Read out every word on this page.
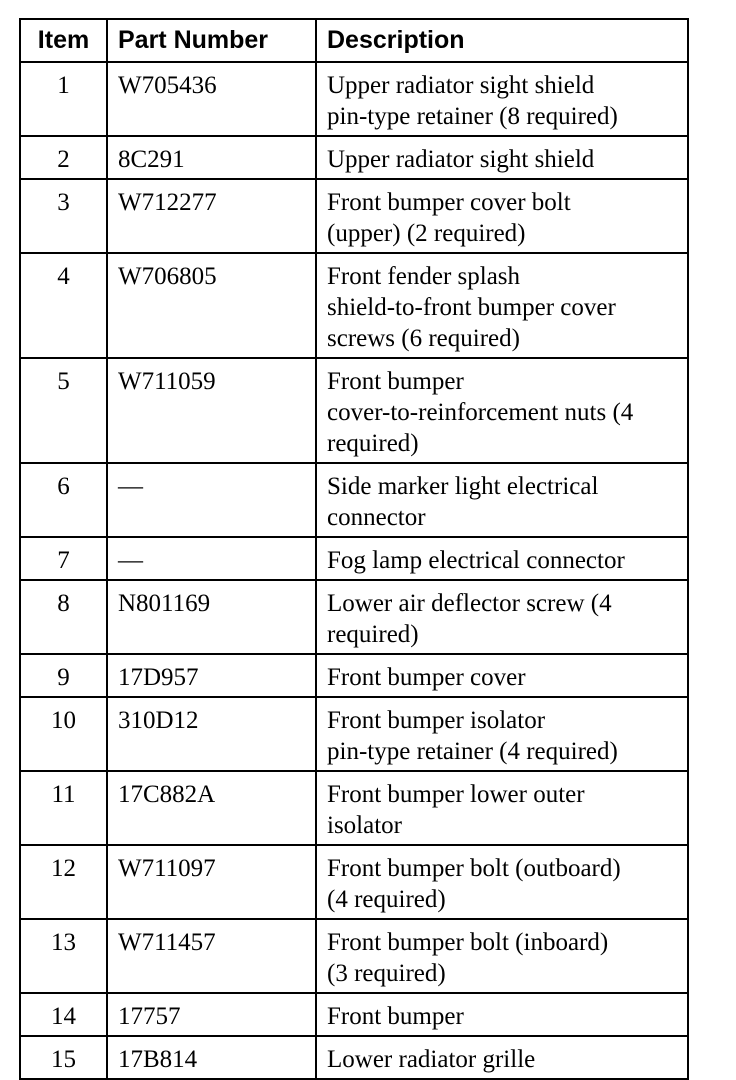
Item	Part Number	Description
1	W705436	Upper radiator sight shield
pin-type retainer (8 required)
2	8C291	Upper radiator sight shield
3	W712277	Front bumper cover bolt
(upper) (2 required)
4	W706805	Front fender splash
shield-to-front bumper cover
screws (6 required)
5	W711059	Front bumper
cover-to-reinforcement nuts (4
required)
6	—	Side marker light electrical
connector
7	—	Fog lamp electrical connector
8	N801169	Lower air deflector screw (4
required)
9	17D957	Front bumper cover
10	310D12	Front bumper isolator
pin-type retainer (4 required)
11	17C882A	Front bumper lower outer
isolator
12	W711097	Front bumper bolt (outboard)
(4 required)
13	W711457	Front bumper bolt (inboard)
(3 required)
14	17757	Front bumper
15	17B814	Lower radiator grille
